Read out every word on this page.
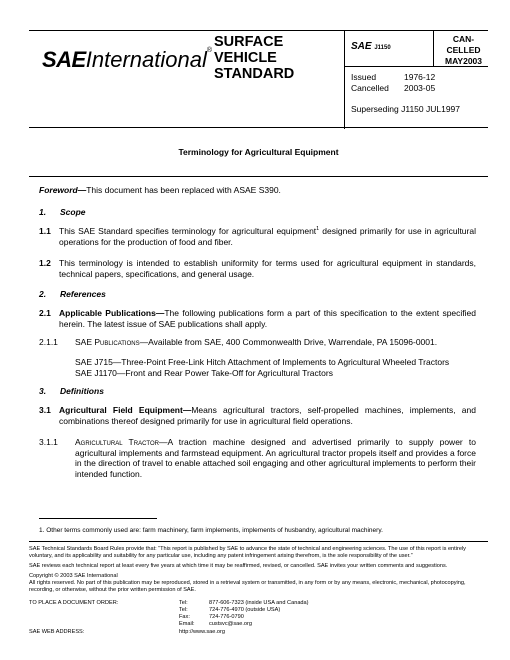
SAEInternational®
SURFACE
VEHICLE
STANDARD
SAE J1150
CAN-
CELLED
MAY2003
Issued	1976-12
Cancelled	2003-05
Superseding J1150 JUL1997
Terminology for Agricultural Equipment
Foreword—This document has been replaced with ASAE S390.
1. Scope
1.1 This SAE Standard specifies terminology for agricultural equipment$^1$ designed primarily for use in agricultural operations for the production of food and fiber.
1.2 This terminology is intended to establish uniformity for terms used for agricultural equipment in standards, technical papers, specifications, and general usage.
2. References
2.1 Applicable Publications—The following publications form a part of this specification to the extent specified herein. The latest issue of SAE publications shall apply.
2.1.1 SAE Publications—Available from SAE, 400 Commonwealth Drive, Warrendale, PA 15096-0001.
SAE J715—Three-Point Free-Link Hitch Attachment of Implements to Agricultural Wheeled Tractors
SAE J1170—Front and Rear Power Take-Off for Agricultural Tractors
3. Definitions
3.1 Agricultural Field Equipment—Means agricultural tractors, self-propelled machines, implements, and combinations thereof designed primarily for use in agricultural field operations.
3.1.1 Agricultural Tractor—A traction machine designed and advertised primarily to supply power to agricultural implements and farmstead equipment. An agricultural tractor propels itself and provides a force in the direction of travel to enable attached soil engaging and other agricultural implements to perform their intended function.
1. Other terms commonly used are: farm machinery, farm implements, implements of husbandry, agricultural machinery.

SAE Technical Standards Board Rules provide that: “This report is published by SAE to advance the state of technical and engineering sciences. The use of this report is entirely voluntary, and its applicability and suitability for any particular use, including any patent infringement arising therefrom, is the sole responsibility of the user.”

SAE reviews each technical report at least every five years at which time it may be reaffirmed, revised, or cancelled. SAE invites your written comments and suggestions.

Copyright © 2003 SAE International

All rights reserved. No part of this publication may be reproduced, stored in a retrieval system or transmitted, in any form or by any means, electronic, mechanical, photocopying, recording, or otherwise, without the prior written permission of SAE.

TO PLACE A DOCUMENT ORDER:	Tel:	877-606-7323 (inside USA and Canada)
Tel:	724-776-4970 (outside USA)
Fax:	724-776-0790
Email:	custsvc@sae.org
SAE WEB ADDRESS:	http://www.sae.org
